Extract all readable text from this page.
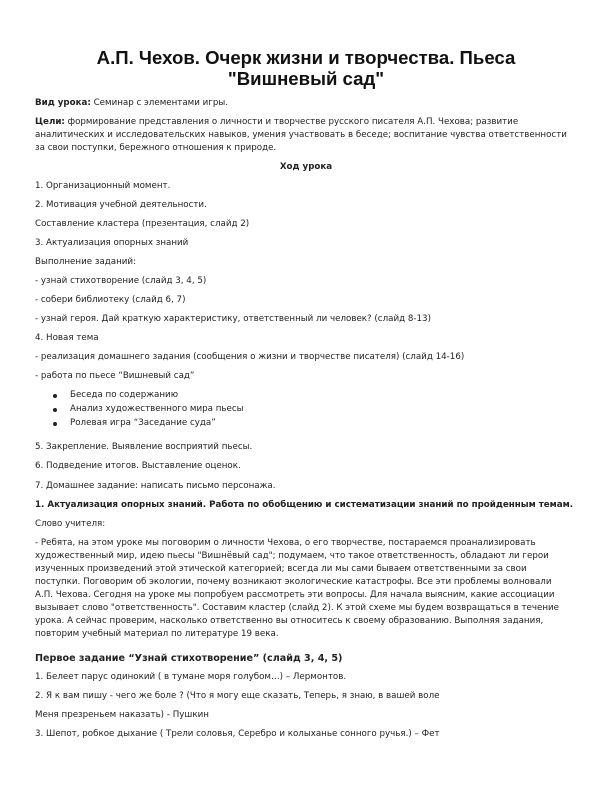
А.П. Чехов. Очерк жизни и творчества. Пьеса
"Вишневый сад"
Вид урока: Семинар с элементами игры.
Цели: формирование представления о личности и творчестве русского писателя А.П. Чехова; развитие
аналитических и исследовательских навыков, умения участвовать в беседе; воспитание чувства ответственности
за свои поступки, бережного отношения к природе.
Ход урока
1. Организационный момент.
2. Мотивация учебной деятельности.
Составление кластера (презентация, слайд 2)
3. Актуализация опорных знаний
Выполнение заданий:
- узнай стихотворение (слайд 3, 4, 5)
- собери библиотеку (слайд 6, 7)
- узнай героя. Дай краткую характеристику, ответственный ли человек? (слайд 8-13)
4. Новая тема
- реализация домашнего задания (сообщения о жизни и творчестве писателя) (слайд 14-16)
- работа по пьесе “Вишневый сад”
Беседа по содержанию
Анализ художественного мира пьесы
Ролевая игра “Заседание суда”
5. Закрепление. Выявление восприятий пьесы.
6. Подведение итогов. Выставление оценок.
7. Домашнее задание: написать письмо персонажа.
1. Актуализация опорных знаний. Работа по обобщению и систематизации знаний по пройденным темам.
Слово учителя:
- Ребята, на этом уроке мы поговорим о личности Чехова, о его творчестве, постараемся проанализировать
художественный мир, идею пьесы "Вишнёвый сад"; подумаем, что такое ответственность, обладают ли герои
изученных произведений этой этической категорией; всегда ли мы сами бываем ответственными за свои
поступки. Поговорим об экологии, почему возникают экологические катастрофы. Все эти проблемы волновали
А.П. Чехова. Сегодня на уроке мы попробуем рассмотреть эти вопросы. Для начала выясним, какие ассоциации
вызывает слово "ответственность". Составим кластер (слайд 2). К этой схеме мы будем возвращаться в течение
урока. А сейчас проверим, насколько ответственно вы относитесь к своему образованию. Выполняя задания,
повторим учебный материал по литературе 19 века.
Первое задание “Узнай стихотворение” (слайд 3, 4, 5)
1. Белеет парус одинокий ( в тумане моря голубом…) – Лермонтов.
2. Я к вам пишу - чего же боле ? (Что я могу еще сказать, Теперь, я знаю, в вашей воле
Меня презреньем наказать) - Пушкин
3. Шепот, робкое дыхание ( Трели соловья, Серебро и колыханье сонного ручья.) – Фет
